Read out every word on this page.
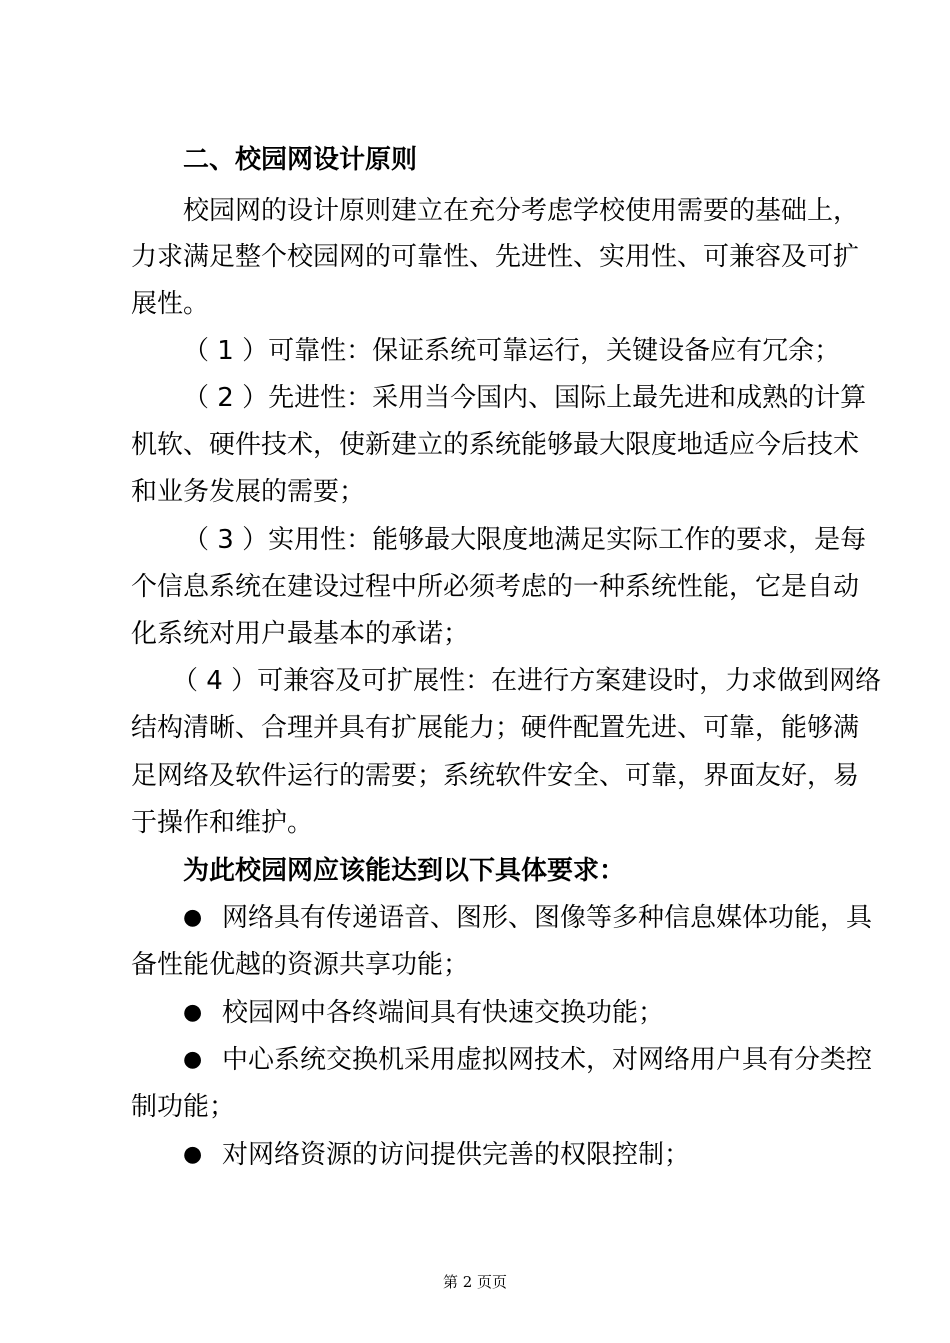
二、校园网设计原则
校园网的设计原则建立在充分考虑学校使用需要的基础上，
力求满足整个校园网的可靠性、先进性、实用性、可兼容及可扩
展性。
（ 1 ）可靠性：保证系统可靠运行，关键设备应有冗余；
（ 2 ）先进性：采用当今国内、国际上最先进和成熟的计算
机软、硬件技术，使新建立的系统能够最大限度地适应今后技术
和业务发展的需要；
（ 3 ）实用性：能够最大限度地满足实际工作的要求，是每
个信息系统在建设过程中所必须考虑的一种系统性能，它是自动
化系统对用户最基本的承诺；
（ 4 ）可兼容及可扩展性：在进行方案建设时，力求做到网络
结构清晰、合理并具有扩展能力；硬件配置先进、可靠，能够满
足网络及软件运行的需要；系统软件安全、可靠，界面友好，易
于操作和维护。
为此校园网应该能达到以下具体要求：
● 网络具有传递语音、图形、图像等多种信息媒体功能，具
备性能优越的资源共享功能；
● 校园网中各终端间具有快速交换功能；
● 中心系统交换机采用虚拟网技术，对网络用户具有分类控
制功能；
● 对网络资源的访问提供完善的权限控制；
第 2 页页
